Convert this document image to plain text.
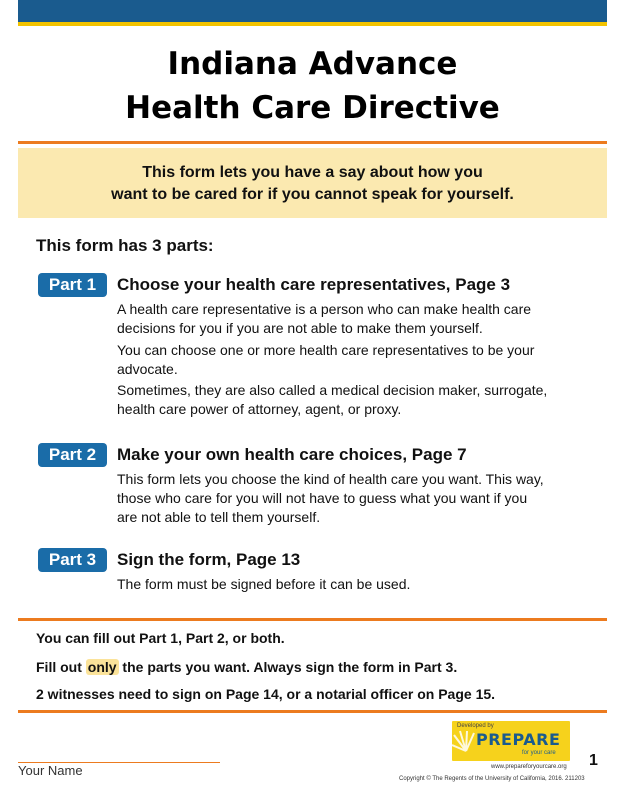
Indiana Advance
Health Care Directive
This form lets you have a say about how you
want to be cared for if you cannot speak for yourself.
This form has 3 parts:
Part 1	Choose your health care representatives, Page 3
A health care representative is a person who can make health care decisions for you if you are not able to make them yourself.
You can choose one or more health care representatives to be your advocate.
Sometimes, they are also called a medical decision maker, surrogate, health care power of attorney, agent, or proxy.
Part 2	Make your own health care choices, Page 7
This form lets you choose the kind of health care you want. This way, those who care for you will not have to guess what you want if you are not able to tell them yourself.
Part 3	Sign the form, Page 13
The form must be signed before it can be used.
You can fill out Part 1, Part 2, or both.
Fill out only the parts you want. Always sign the form in Part 3.
2 witnesses need to sign on Page 14, or a notarial officer on Page 15.
Your Name
Developed by
PREPARE
for your care
www.prepareforyourcare.org 1
Copyright © The Regents of the University of California, 2016. 211203
